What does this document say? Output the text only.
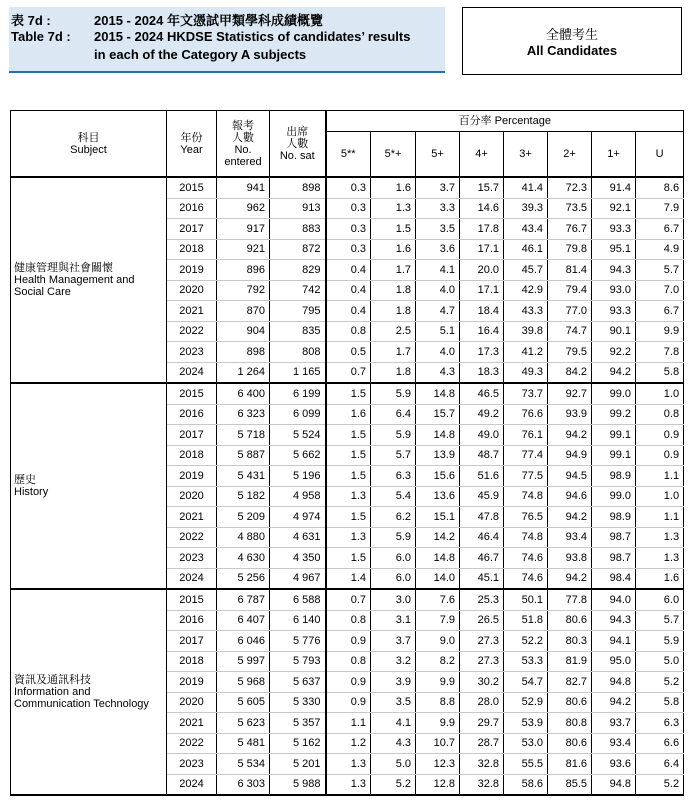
表 7d :	2015 - 2024 年文憑試甲類學科成績概覽
Table 7d : 2015 - 2024 HKDSE Statistics of candidates’ results
in each of the Category A subjects
全體考生
All Candidates
科目
Subject	年份
Year	報考
人數
No.
entered	出席
人數
No. sat	百分率 Percentage							
				5**	5*+	5+	4+	3+	2+	1+	U

健康管理與社會關懷
Health Management and
Social Care	2015	941	898	0.3	1.6	3.7	15.7	41.4	72.3	91.4	8.6
	2016	962	913	0.3	1.3	3.3	14.6	39.3	73.5	92.1	7.9
	2017	917	883	0.3	1.5	3.5	17.8	43.4	76.7	93.3	6.7
	2018	921	872	0.3	1.6	3.6	17.1	46.1	79.8	95.1	4.9
	2019	896	829	0.4	1.7	4.1	20.0	45.7	81.4	94.3	5.7
	2020	792	742	0.4	1.8	4.0	17.1	42.9	79.4	93.0	7.0
	2021	870	795	0.4	1.8	4.7	18.4	43.3	77.0	93.3	6.7
	2022	904	835	0.8	2.5	5.1	16.4	39.8	74.7	90.1	9.9
	2023	898	808	0.5	1.7	4.0	17.3	41.2	79.5	92.2	7.8
	2024	1 264	1 165	0.7	1.8	4.3	18.3	49.3	84.2	94.2	5.8

歷史
History	2015	6 400	6 199	1.5	5.9	14.8	46.5	73.7	92.7	99.0	1.0
	2016	6 323	6 099	1.6	6.4	15.7	49.2	76.6	93.9	99.2	0.8
	2017	5 718	5 524	1.5	5.9	14.8	49.0	76.1	94.2	99.1	0.9
	2018	5 887	5 662	1.5	5.7	13.9	48.7	77.4	94.9	99.1	0.9
	2019	5 431	5 196	1.5	6.3	15.6	51.6	77.5	94.5	98.9	1.1
	2020	5 182	4 958	1.3	5.4	13.6	45.9	74.8	94.6	99.0	1.0
	2021	5 209	4 974	1.5	6.2	15.1	47.8	76.5	94.2	98.9	1.1
	2022	4 880	4 631	1.3	5.9	14.2	46.4	74.8	93.4	98.7	1.3
	2023	4 630	4 350	1.5	6.0	14.8	46.7	74.6	93.8	98.7	1.3
	2024	5 256	4 967	1.4	6.0	14.0	45.1	74.6	94.2	98.4	1.6

資訊及通訊科技
Information and
Communication Technology	2015	6 787	6 588	0.7	3.0	7.6	25.3	50.1	77.8	94.0	6.0
	2016	6 407	6 140	0.8	3.1	7.9	26.5	51.8	80.6	94.3	5.7
	2017	6 046	5 776	0.9	3.7	9.0	27.3	52.2	80.3	94.1	5.9
	2018	5 997	5 793	0.8	3.2	8.2	27.3	53.3	81.9	95.0	5.0
	2019	5 968	5 637	0.9	3.9	9.9	30.2	54.7	82.7	94.8	5.2
	2020	5 605	5 330	0.9	3.5	8.8	28.0	52.9	80.6	94.2	5.8
	2021	5 623	5 357	1.1	4.1	9.9	29.7	53.9	80.8	93.7	6.3
	2022	5 481	5 162	1.2	4.3	10.7	28.7	53.0	80.6	93.4	6.6
	2023	5 534	5 201	1.3	5.0	12.3	32.8	55.5	81.6	93.6	6.4
	2024	6 303	5 988	1.3	5.2	12.8	32.8	58.6	85.5	94.8	5.2
